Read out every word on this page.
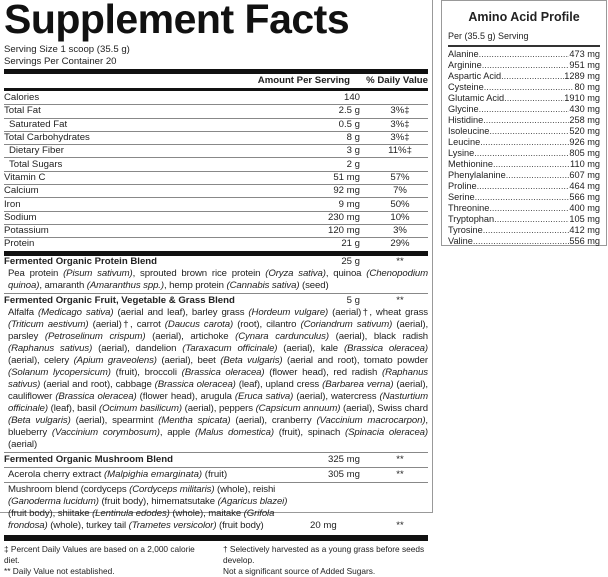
Supplement Facts
Serving Size 1 scoop (35.5 g)
Servings Per Container 20
Amount Per Serving	% Daily Value
Calories	140
Total Fat	2.5 g	3%‡
Saturated Fat	0.5 g	3%‡
Total Carbohydrates	8 g	3%‡
Dietary Fiber	3 g	11%‡
Total Sugars	2 g
Vitamin C	51 mg	57%
Calcium	92 mg	7%
Iron	9 mg	50%
Sodium	230 mg	10%
Potassium	120 mg	3%
Protein	21 g	29%
Fermented Organic Protein Blend	25 g	**
Pea protein (Pisum sativum), sprouted brown rice protein (Oryza sativa), quinoa (Chenopodium quinoa), amaranth (Amaranthus spp.), hemp protein (Cannabis sativa) (seed)
Fermented Organic Fruit, Vegetable & Grass Blend	5 g	**
Alfalfa (Medicago sativa) (aerial and leaf), barley grass (Hordeum vulgare) (aerial)†, wheat grass (Triticum aestivum) (aerial)†, carrot (Daucus carota) (root), cilantro (Coriandrum sativum) (aerial), parsley (Petroselinum crispum) (aerial), artichoke (Cynara cardunculus) (aerial), black radish (Raphanus sativus) (aerial), dandelion (Taraxacum officinale) (aerial), kale (Brassica oleracea) (aerial), celery (Apium graveolens) (aerial), beet (Beta vulgaris) (aerial and root), tomato powder (Solanum lycopersicum) (fruit), broccoli (Brassica oleracea) (flower head), red radish (Raphanus sativus) (aerial and root), cabbage (Brassica oleracea) (leaf), upland cress (Barbarea verna) (aerial), cauliflower (Brassica oleracea) (flower head), arugula (Eruca sativa) (aerial), watercress (Nasturtium officinale) (leaf), basil (Ocimum basilicum) (aerial), peppers (Capsicum annuum) (aerial), Swiss chard (Beta vulgaris) (aerial), spearmint (Mentha spicata) (aerial), cranberry (Vaccinium macrocarpon), blueberry (Vaccinium corymbosum), apple (Malus domestica) (fruit), spinach (Spinacia oleracea) (aerial)
Fermented Organic Mushroom Blend	325 mg	**
Acerola cherry extract (Malpighia emarginata) (fruit)	305 mg	**
Mushroom blend (cordyceps (Cordyceps militaris) (whole), reishi (Ganoderma lucidum) (fruit body), himematsutake (Agaricus blazei) (fruit body), shiitake (Lentinula edodes) (whole), maitake (Grifola frondosa) (whole), turkey tail (Trametes versicolor) (fruit body)	20 mg	**
‡ Percent Daily Values are based on a 2,000 calorie diet.
** Daily Value not established.
† Selectively harvested as a young grass before seeds develop.
Not a significant source of Added Sugars.
Amino Acid Profile
Per (35.5 g) Serving
Alanine .....	473 mg
Arginine .....	951 mg
Aspartic Acid .....	1289 mg
Cysteine .....	80 mg
Glutamic Acid .....	1910 mg
Glycine .....	430 mg
Histidine .....	258 mg
Isoleucine .....	520 mg
Leucine .....	926 mg
Lysine .....	805 mg
Methionine .....	110 mg
Phenylalanine .....	607 mg
Proline .....	464 mg
Serine .....	566 mg
Threonine .....	400 mg
Tryptophan .....	105 mg
Tyrosine .....	412 mg
Valine .....	556 mg
